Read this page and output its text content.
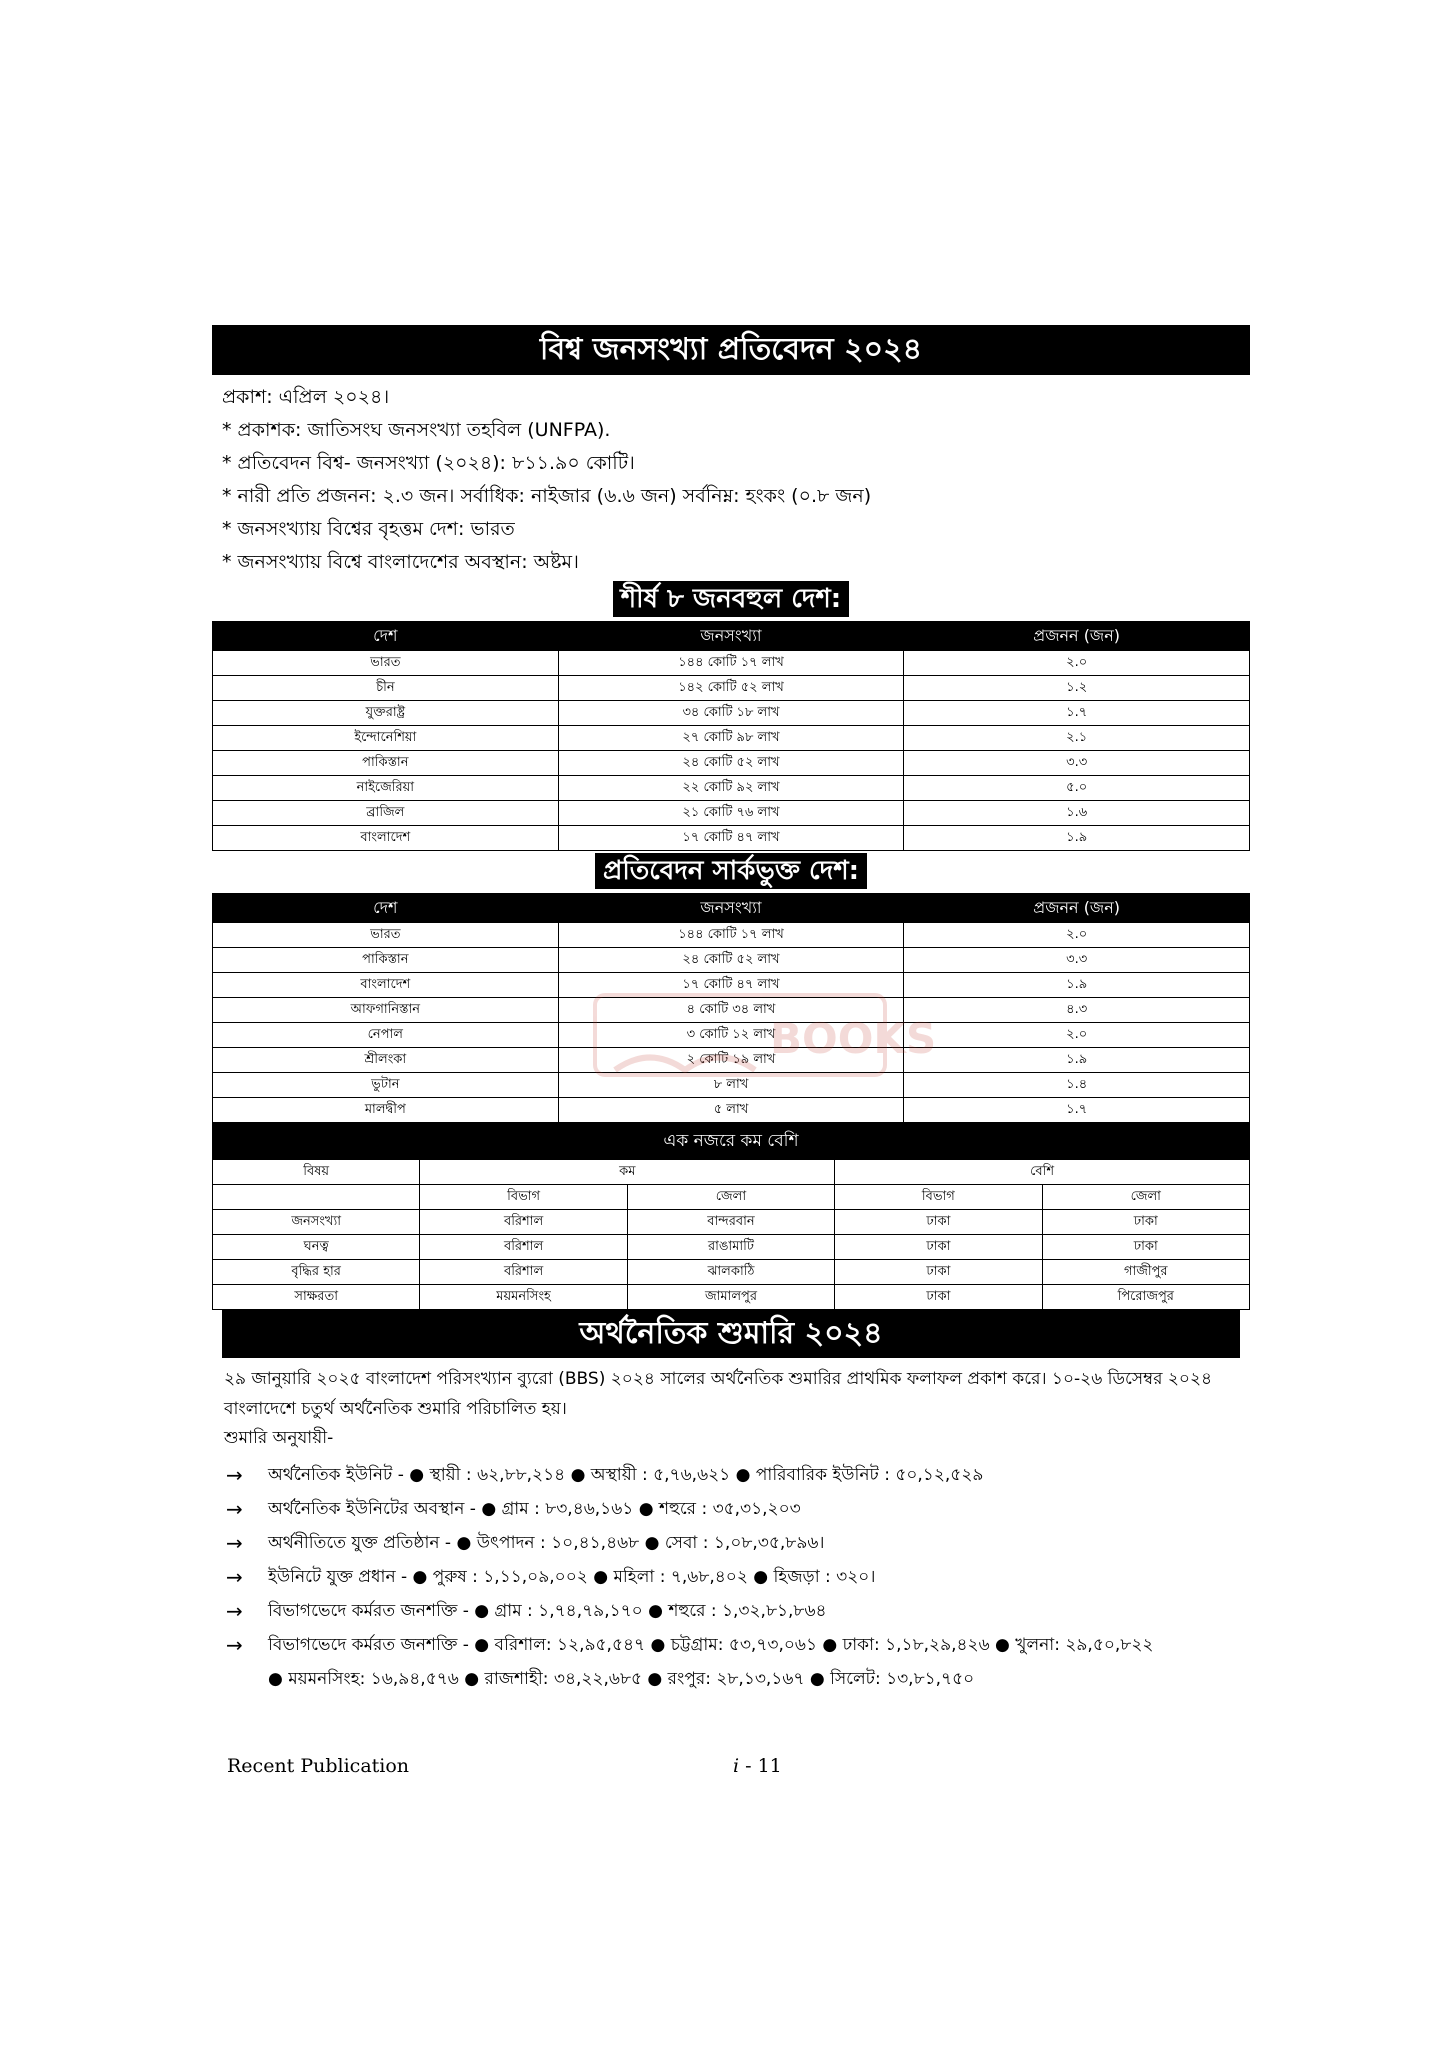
বিশ্ব জনসংখ্যা প্রতিবেদন ২০২৪
প্রকাশ: এপ্রিল ২০২৪।
* প্রকাশক: জাতিসংঘ জনসংখ্যা তহবিল (UNFPA).
* প্রতিবেদন বিশ্ব- জনসংখ্যা (২০২৪): ৮১১.৯০ কোটি।
* নারী প্রতি প্রজনন: ২.৩ জন। সর্বাধিক: নাইজার (৬.৬ জন) সর্বনিম্ন: হংকং (০.৮ জন)
* জনসংখ্যায় বিশ্বের বৃহত্তম দেশ: ভারত
* জনসংখ্যায় বিশ্বে বাংলাদেশের অবস্থান: অষ্টম।
শীর্ষ ৮ জনবহুল দেশ:
দেশ	জনসংখ্যা	প্রজনন (জন)
ভারত	১৪৪ কোটি ১৭ লাখ	২.০
চীন	১৪২ কোটি ৫২ লাখ	১.২
যুক্তরাষ্ট্র	৩৪ কোটি ১৮ লাখ	১.৭
ইন্দোনেশিয়া	২৭ কোটি ৯৮ লাখ	২.১
পাকিস্তান	২৪ কোটি ৫২ লাখ	৩.৩
নাইজেরিয়া	২২ কোটি ৯২ লাখ	৫.০
ব্রাজিল	২১ কোটি ৭৬ লাখ	১.৬
বাংলাদেশ	১৭ কোটি ৪৭ লাখ	১.৯
প্রতিবেদন সার্কভুক্ত দেশ:
দেশ	জনসংখ্যা	প্রজনন (জন)
ভারত	১৪৪ কোটি ১৭ লাখ	২.০
পাকিস্তান	২৪ কোটি ৫২ লাখ	৩.৩
বাংলাদেশ	১৭ কোটি ৪৭ লাখ	১.৯
আফগানিস্তান	৪ কোটি ৩৪ লাখ	৪.৩
নেপাল	৩ কোটি ১২ লাখ	২.০
শ্রীলংকা	২ কোটি ১৯ লাখ	১.৯
ভুটান	৮ লাখ	১.৪
মালদ্বীপ	৫ লাখ	১.৭
এক নজরে কম বেশি
বিষয়	কম		বেশি	
	বিভাগ	জেলা	বিভাগ	জেলা
জনসংখ্যা	বরিশাল	বান্দরবান	ঢাকা	ঢাকা
ঘনত্ব	বরিশাল	রাঙামাটি	ঢাকা	ঢাকা
বৃদ্ধির হার	বরিশাল	ঝালকাঠি	ঢাকা	গাজীপুর
সাক্ষরতা	ময়মনসিংহ	জামালপুর	ঢাকা	পিরোজপুর
অর্থনৈতিক শুমারি ২০২৪
২৯ জানুয়ারি ২০২৫ বাংলাদেশ পরিসংখ্যান ব্যুরো (BBS) ২০২৪ সালের অর্থনৈতিক শুমারির প্রাথমিক ফলাফল প্রকাশ করে। ১০-২৬ ডিসেম্বর ২০২৪ বাংলাদেশে চতুর্থ অর্থনৈতিক শুমারি পরিচালিত হয়।
শুমারি অনুযায়ী-
→	অর্থনৈতিক ইউনিট - ● স্থায়ী : ৬২,৮৮,২১৪ ● অস্থায়ী : ৫,৭৬,৬২১ ● পারিবারিক ইউনিট : ৫০,১২,৫২৯
→	অর্থনৈতিক ইউনিটের অবস্থান - ● গ্রাম : ৮৩,৪৬,১৬১ ● শহুরে : ৩৫,৩১,২০৩
→	অর্থনীতিতে যুক্ত প্রতিষ্ঠান - ● উৎপাদন : ১০,৪১,৪৬৮ ● সেবা : ১,০৮,৩৫,৮৯৬।
→	ইউনিটে যুক্ত প্রধান - ● পুরুষ : ১,১১,০৯,০০২ ● মহিলা : ৭,৬৮,৪০২ ● হিজড়া : ৩২০।
→	বিভাগভেদে কর্মরত জনশক্তি - ● গ্রাম : ১,৭৪,৭৯,১৭০ ● শহুরে : ১,৩২,৮১,৮৬৪
→	বিভাগভেদে কর্মরত জনশক্তি - ● বরিশাল: ১২,৯৫,৫৪৭ ● চট্টগ্রাম: ৫৩,৭৩,০৬১ ● ঢাকা: ১,১৮,২৯,৪২৬ ● খুলনা: ২৯,৫০,৮২২
● ময়মনসিংহ: ১৬,৯৪,৫৭৬ ● রাজশাহী: ৩৪,২২,৬৮৫ ● রংপুর: ২৮,১৩,১৬৭ ● সিলেট: ১৩,৮১,৭৫০
BOOKS
Recent Publication	i - 11
